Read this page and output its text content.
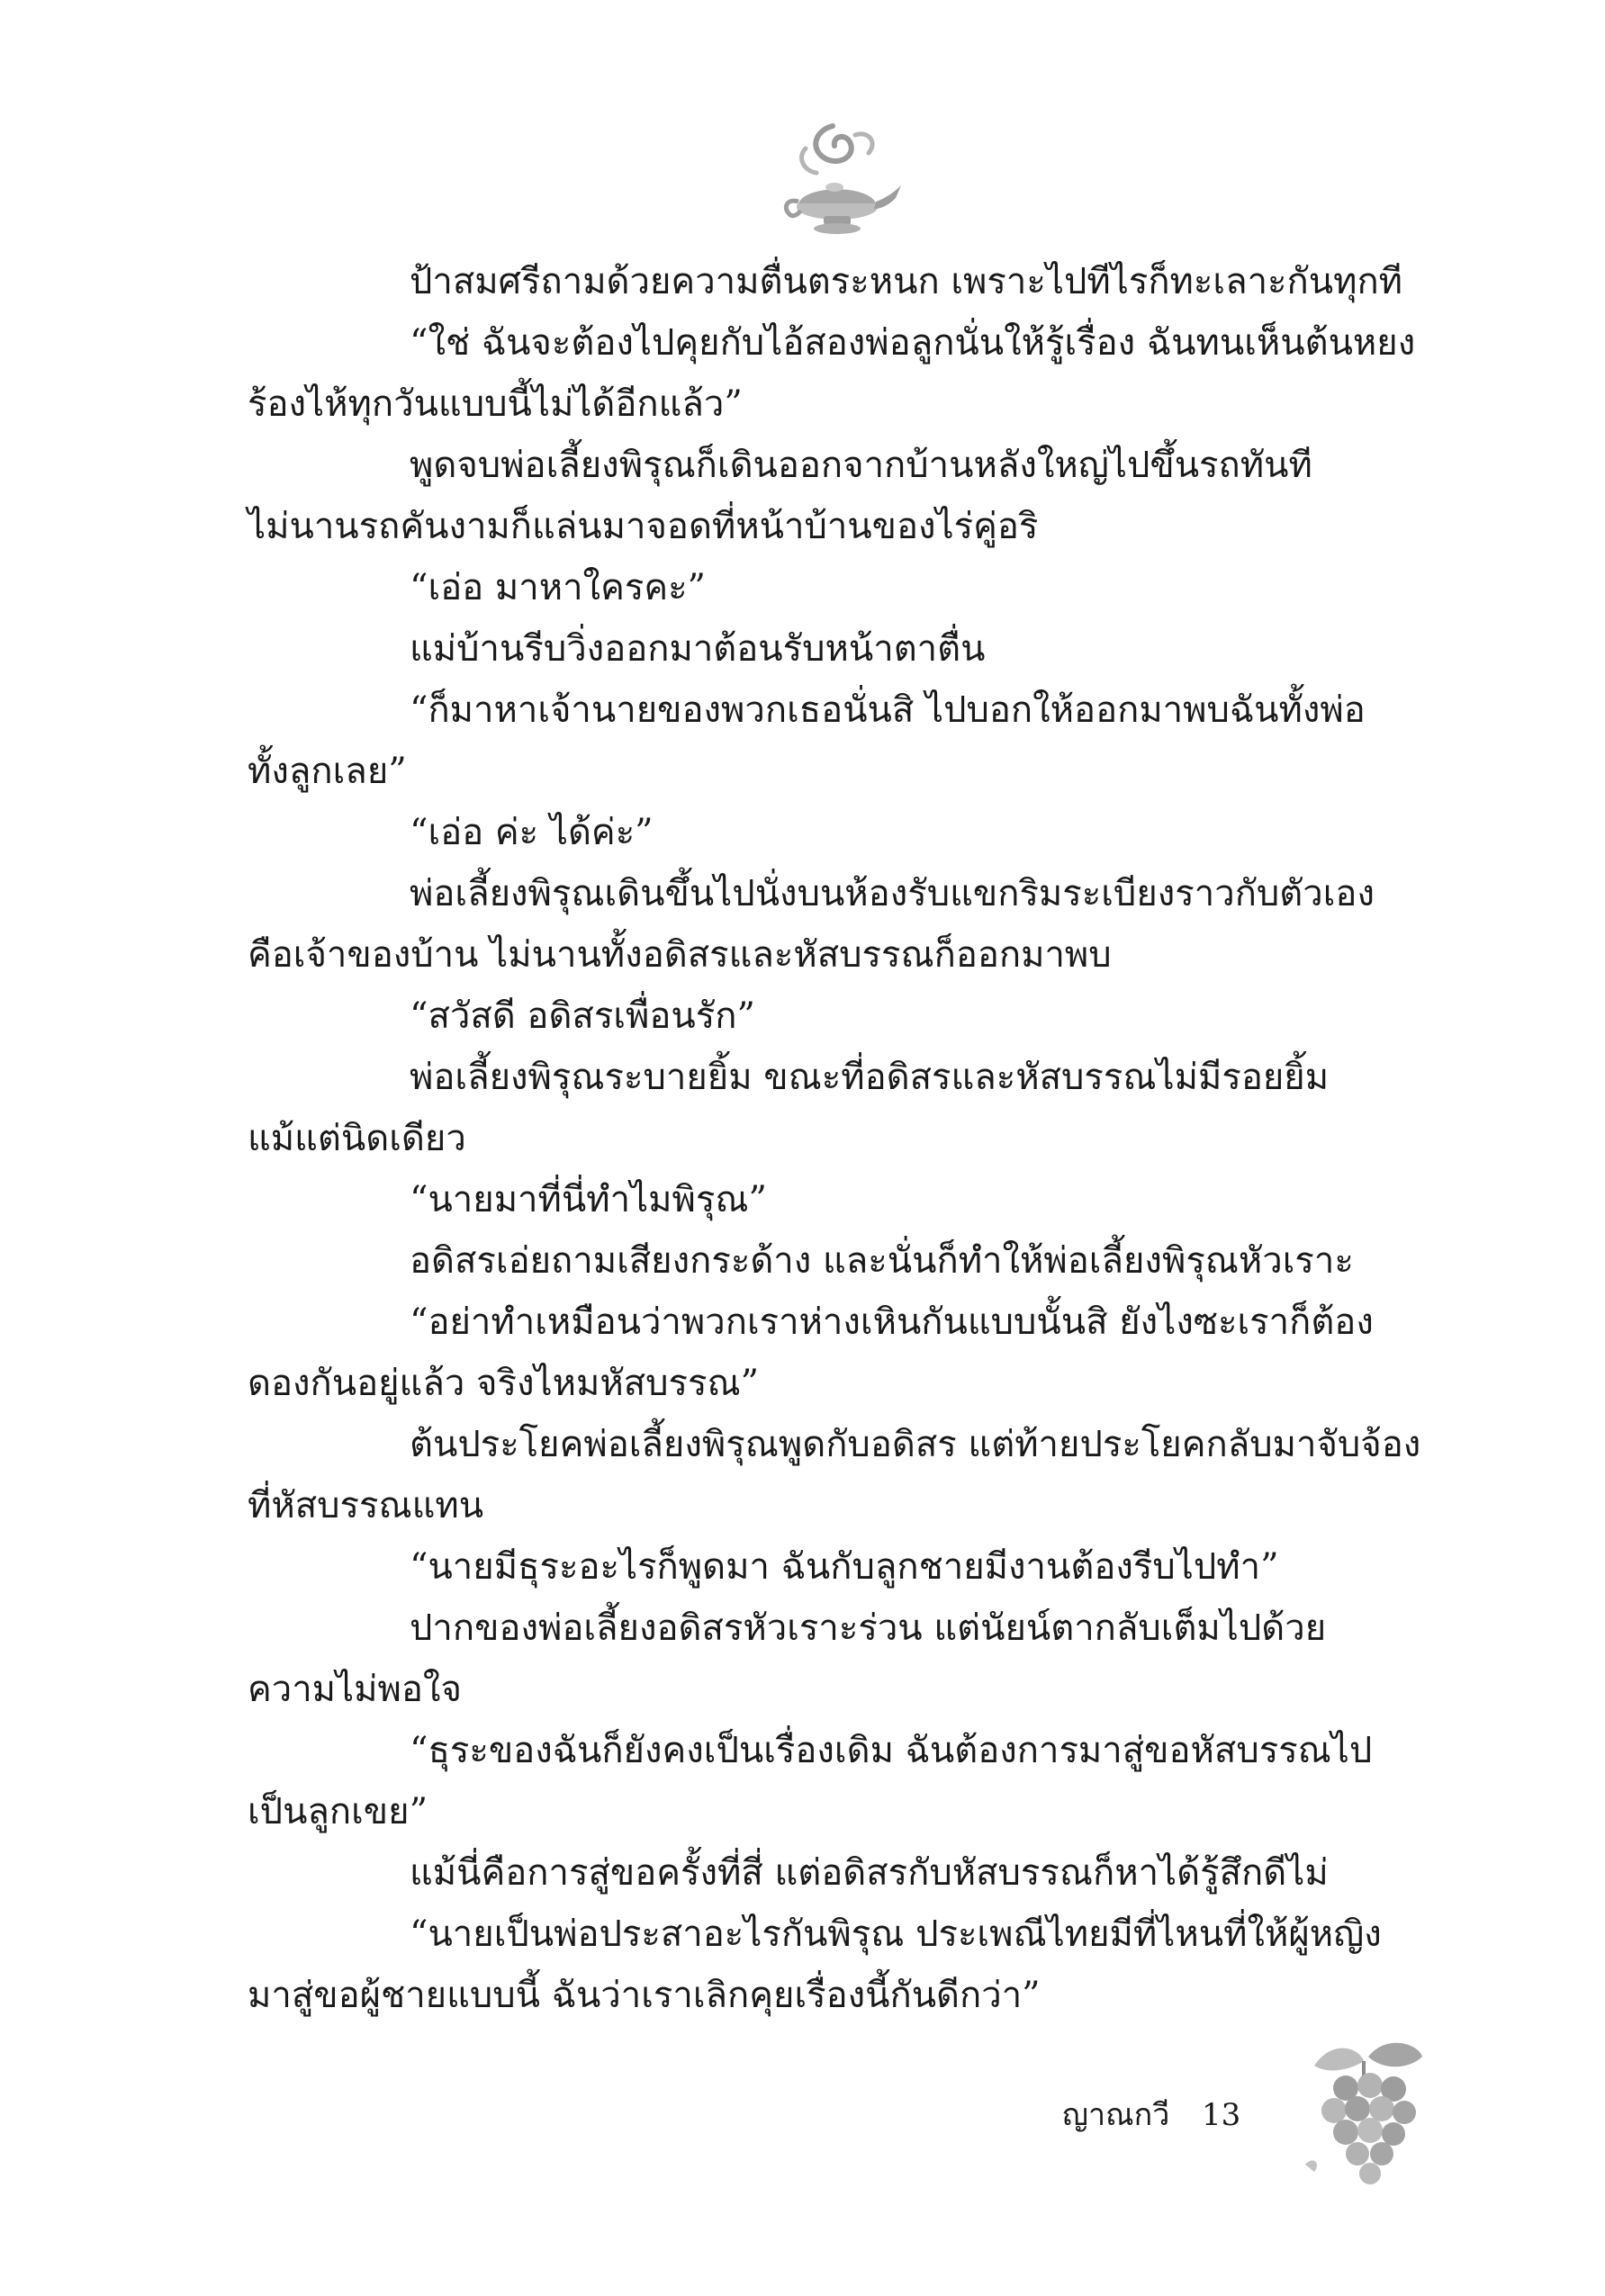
ป้าสมศรีถามด้วยความตื่นตระหนก เพราะไปทีไรก็ทะเลาะกันทุกที
“ใช่ ฉันจะต้องไปคุยกับไอ้สองพ่อลูกนั่นให้รู้เรื่อง ฉันทนเห็นต้นหยง
ร้องไห้ทุกวันแบบนี้ไม่ได้อีกแล้ว”
พูดจบพ่อเลี้ยงพิรุณก็เดินออกจากบ้านหลังใหญ่ไปขึ้นรถทันที
ไม่นานรถคันงามก็แล่นมาจอดที่หน้าบ้านของไร่คู่อริ
“เอ่อ มาหาใครคะ”
แม่บ้านรีบวิ่งออกมาต้อนรับหน้าตาตื่น
“ก็มาหาเจ้านายของพวกเธอนั่นสิ ไปบอกให้ออกมาพบฉันทั้งพ่อ
ทั้งลูกเลย”
“เอ่อ ค่ะ ได้ค่ะ”
พ่อเลี้ยงพิรุณเดินขึ้นไปนั่งบนห้องรับแขกริมระเบียงราวกับตัวเอง
คือเจ้าของบ้าน ไม่นานทั้งอดิสรและหัสบรรณก็ออกมาพบ
“สวัสดี อดิสรเพื่อนรัก”
พ่อเลี้ยงพิรุณระบายยิ้ม ขณะที่อดิสรและหัสบรรณไม่มีรอยยิ้ม
แม้แต่นิดเดียว
“นายมาที่นี่ทำไมพิรุณ”
อดิสรเอ่ยถามเสียงกระด้าง และนั่นก็ทำให้พ่อเลี้ยงพิรุณหัวเราะ
“อย่าทำเหมือนว่าพวกเราห่างเหินกันแบบนั้นสิ ยังไงซะเราก็ต้อง
ดองกันอยู่แล้ว จริงไหมหัสบรรณ”
ต้นประโยคพ่อเลี้ยงพิรุณพูดกับอดิสร แต่ท้ายประโยคกลับมาจับจ้อง
ที่หัสบรรณแทน
“นายมีธุระอะไรก็พูดมา ฉันกับลูกชายมีงานต้องรีบไปทำ”
ปากของพ่อเลี้ยงอดิสรหัวเราะร่วน แต่นัยน์ตากลับเต็มไปด้วย
ความไม่พอใจ
“ธุระของฉันก็ยังคงเป็นเรื่องเดิม ฉันต้องการมาสู่ขอหัสบรรณไป
เป็นลูกเขย”
แม้นี่คือการสู่ขอครั้งที่สี่ แต่อดิสรกับหัสบรรณก็หาได้รู้สึกดีไม่
“นายเป็นพ่อประสาอะไรกันพิรุณ ประเพณีไทยมีที่ไหนที่ให้ผู้หญิง
มาสู่ขอผู้ชายแบบนี้ ฉันว่าเราเลิกคุยเรื่องนี้กันดีกว่า”
ญาณกวี 13
